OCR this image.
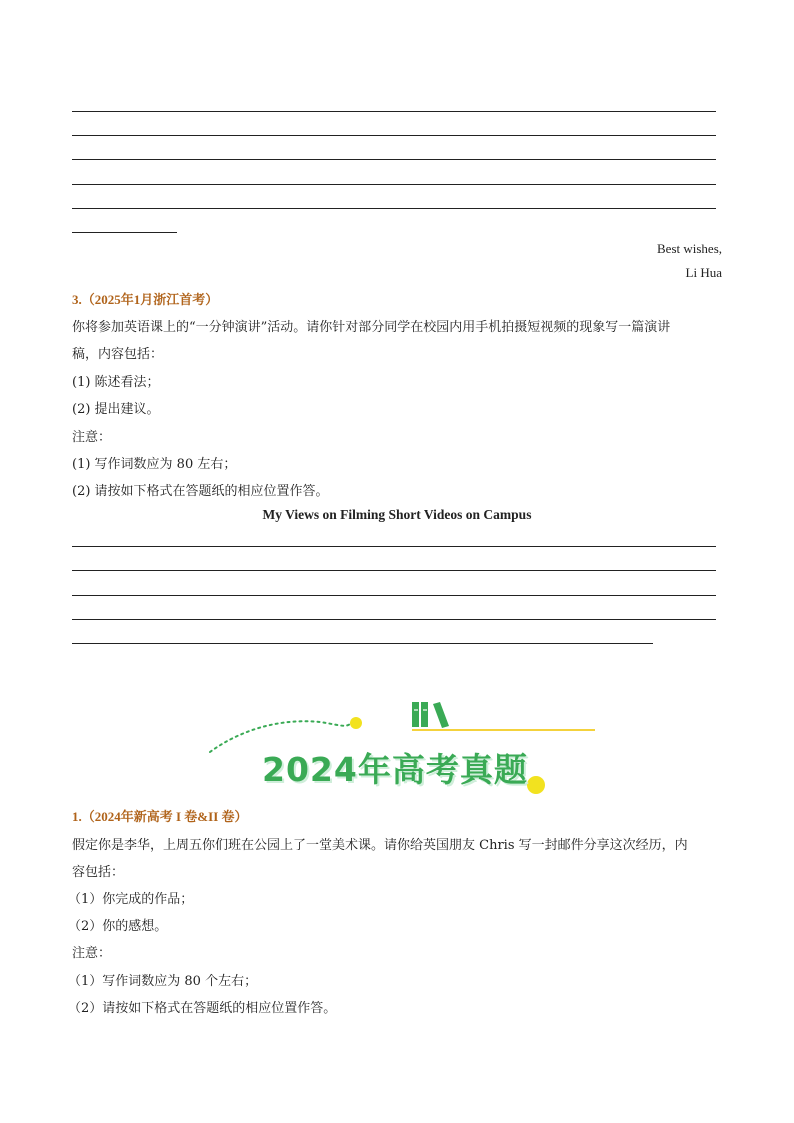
Best wishes,
Li Hua
3.（2025年1月浙江首考）
你将参加英语课上的“一分钟演讲”活动。请你针对部分同学在校园内用手机拍摄短视频的现象写一篇演讲
稿，内容包括：
(1) 陈述看法；
(2) 提出建议。
注意：
(1) 写作词数应为 80 左右；
(2) 请按如下格式在答题纸的相应位置作答。
My Views on Filming Short Videos on Campus
2024年高考真题
1.（2024年新高考 I 卷&II 卷）
假定你是李华，上周五你们班在公园上了一堂美术课。请你给英国朋友 Chris 写一封邮件分享这次经历，内
容包括：
（1）你完成的作品；
（2）你的感想。
注意：
（1）写作词数应为 80 个左右；
（2）请按如下格式在答题纸的相应位置作答。
